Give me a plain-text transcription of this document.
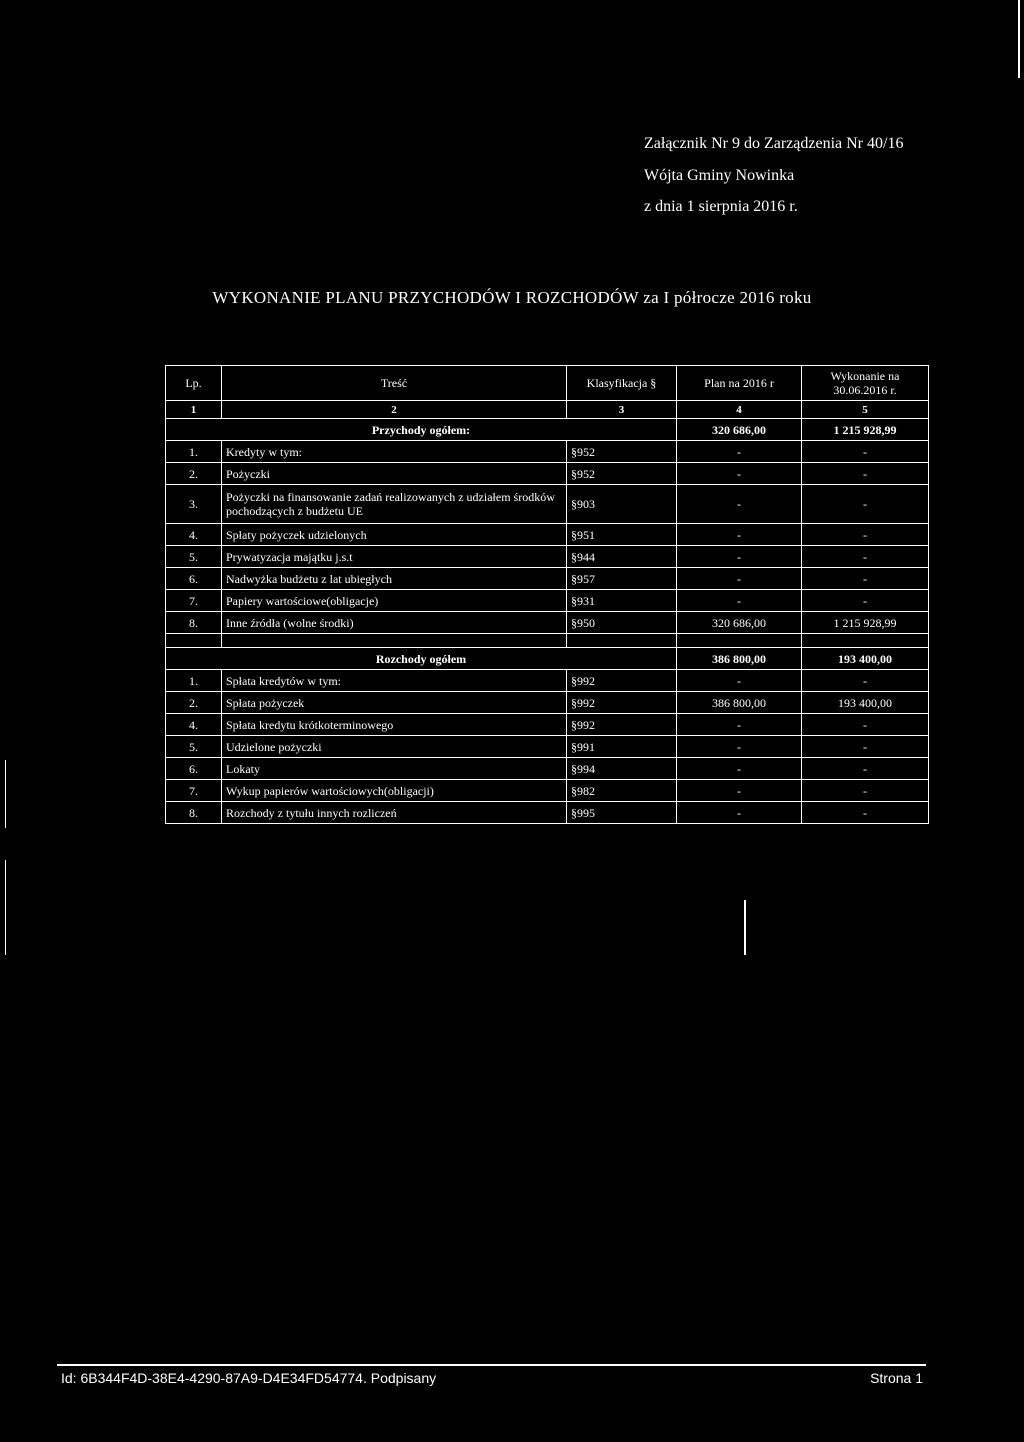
Załącznik Nr 9 do Zarządzenia Nr 40/16
Wójta Gminy Nowinka
z dnia 1 sierpnia 2016 r.
WYKONANIE PLANU PRZYCHODÓW I ROZCHODÓW za I półrocze 2016 roku
Lp.	Treść	Klasyfikacja §	Plan na 2016 r	Wykonanie na 30.06.2016 r.
1	2	3	4	5
Przychody ogółem:			320 686,00	1 215 928,99
1.	Kredyty w tym:	§952	-	-
2.	Pożyczki	§952	-	-
3.	Pożyczki na finansowanie zadań realizowanych z udziałem środków pochodzących z budżetu UE	§903	-	-
4.	Spłaty pożyczek udzielonych	§951	-	-
5.	Prywatyzacja majątku j.s.t	§944	-	-
6.	Nadwyżka budżetu z lat ubiegłych	§957	-	-
7.	Papiery wartościowe(obligacje)	§931	-	-
8.	Inne źródła (wolne środki)	§950	320 686,00	1 215 928,99

Rozchody ogółem			386 800,00	193 400,00
1.	Spłata kredytów w tym:	§992	-	-
2.	Spłata pożyczek	§992	386 800,00	193 400,00
4.	Spłata kredytu krótkoterminowego	§992	-	-
5.	Udzielone pożyczki	§991	-	-
6.	Lokaty	§994	-	-
7.	Wykup papierów wartościowych(obligacji)	§982	-	-
8.	Rozchody z tytułu innych rozliczeń	§995	-	-
Id: 6B344F4D-38E4-4290-87A9-D4E34FD54774. Podpisany	Strona 1
